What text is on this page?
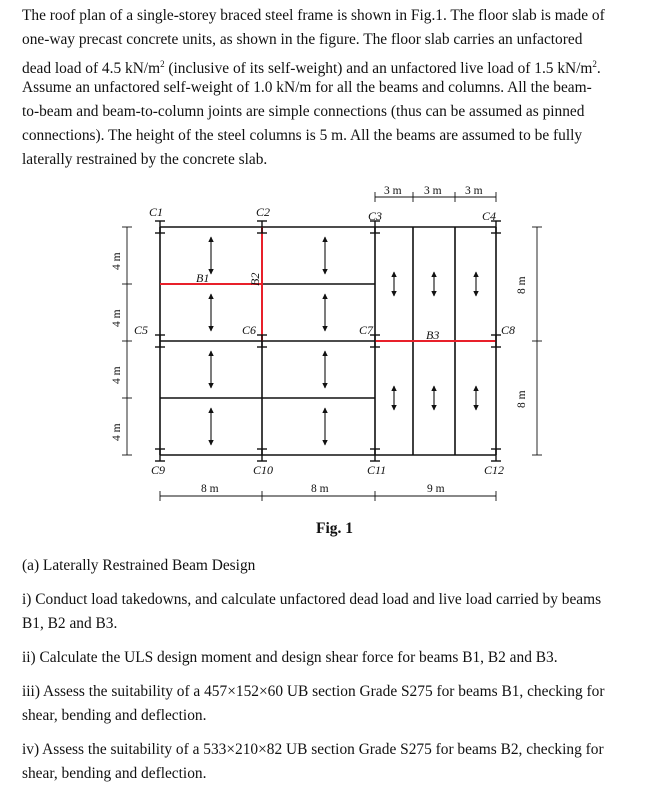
The roof plan of a single-storey braced steel frame is shown in Fig.1. The floor slab is made of

one-way precast concrete units, as shown in the figure. The floor slab carries an unfactored

dead load of 4.5 $kN/m^2$ (inclusive of its self-weight) and an unfactored live load of 1.5 $kN/m^2$.

Assume an unfactored self-weight of 1.0 kN/m for all the beams and columns. All the beam-

to-beam and beam-to-column joints are simple connections (thus can be assumed as pinned

connections). The height of the steel columns is 5 m. All the beams are assumed to be fully

laterally restrained by the concrete slab.

C1	C2	C3	C4
C5	C6	C7	C8
C9	C10	C11	C12
B1	B2
B3
4 m
4 m
4 m
4 m
8 m	8 m	9 m
3 m 3 m 3 m
8 m
8 m
Fig. 1

(a) Laterally Restrained Beam Design

i) Conduct load takedowns, and calculate unfactored dead load and live load carried by beams

B1, B2 and B3.

ii) Calculate the ULS design moment and design shear force for beams B1, B2 and B3.

iii) Assess the suitability of a 457×152×60 UB section Grade S275 for beams B1, checking for

shear, bending and deflection.

iv) Assess the suitability of a 533×210×82 UB section Grade S275 for beams B2, checking for

shear, bending and deflection.
